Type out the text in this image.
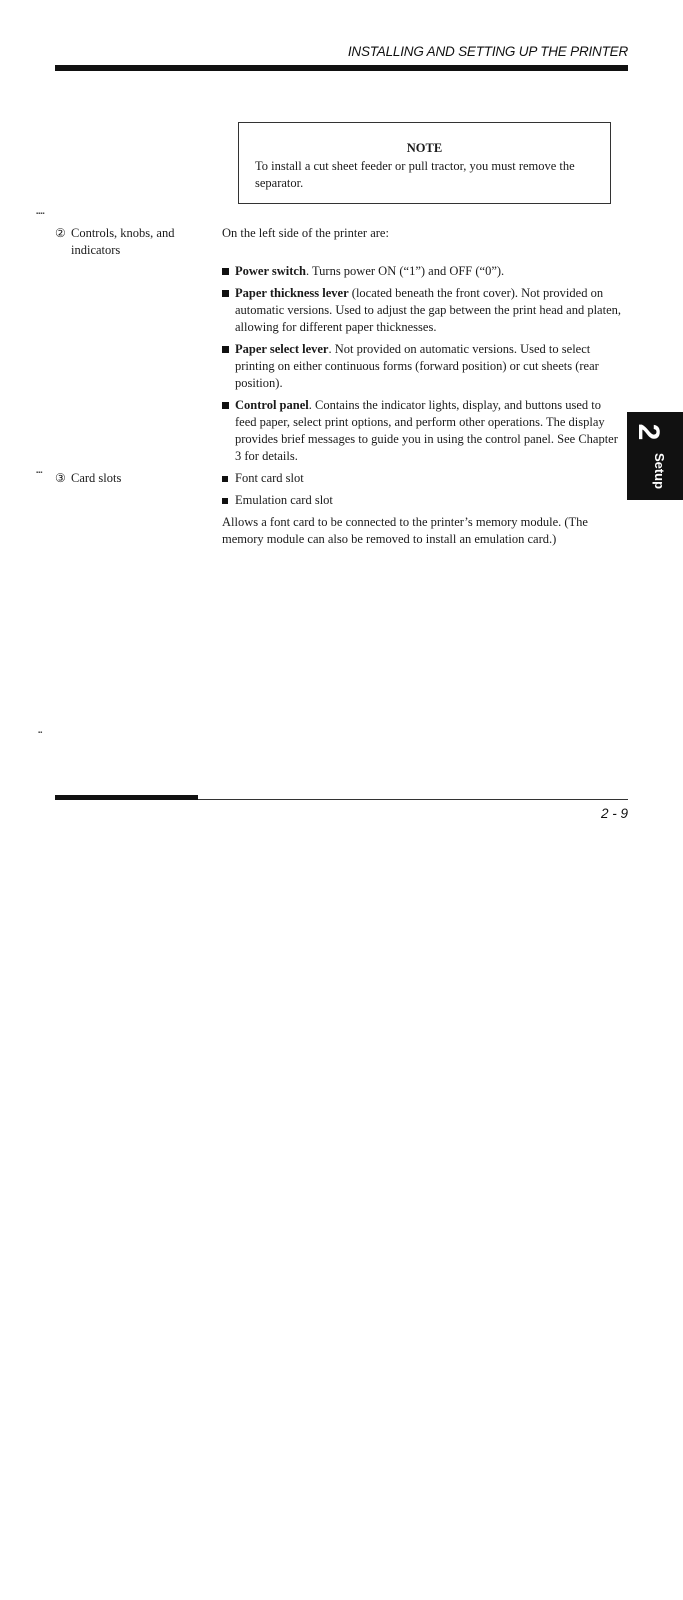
INSTALLING AND SETTING UP THE PRINTER
NOTE
To install a cut sheet feeder or pull tractor, you must remove the separator.
▪▪▪▪
② Controls, knobs, and indicators
On the left side of the printer are:
Power switch. Turns power ON (“1”) and OFF (“0”).
Paper thickness lever (located beneath the front cover). Not provided on automatic versions. Used to adjust the gap between the print head and platen, allowing for different paper thicknesses.
Paper select lever. Not provided on automatic versions. Used to select printing on either continuous forms (forward position) or cut sheets (rear position).
Control panel. Contains the indicator lights, display, and buttons used to feed paper, select print options, and perform other operations. The display provides brief messages to guide you in using the control panel. See Chapter 3 for details.
▪▪▪ ③ Card slots	Font card slot
Emulation card slot
Allows a font card to be connected to the printer’s memory module. (The memory module can also be removed to install an emulation card.)
2
Setup
▪▪
2 - 9
